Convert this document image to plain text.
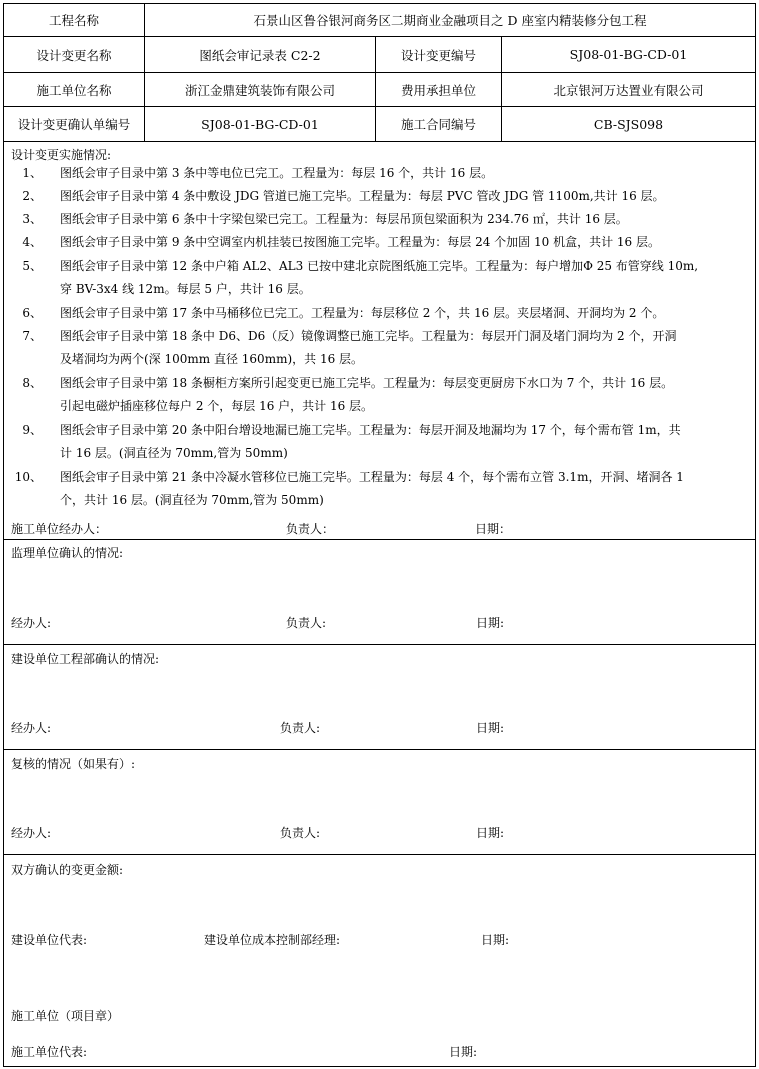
工程名称	石景山区鲁谷银河商务区二期商业金融项目之 D 座室内精装修分包工程
设计变更名称	图纸会审记录表 C2-2	设计变更编号	SJ08-01-BG-CD-01
施工单位名称	浙江金鼎建筑装饰有限公司	费用承担单位	北京银河万达置业有限公司
设计变更确认单编号	SJ08-01-BG-CD-01	施工合同编号	CB-SJS098
设计变更实施情况:
1、 图纸会审子目录中第 3 条中等电位已完工。工程量为：每层 16 个，共计 16 层。
2、 图纸会审子目录中第 4 条中敷设 JDG 管道已施工完毕。工程量为：每层 PVC 管改 JDG 管 1100m,共计 16 层。
3、 图纸会审子目录中第 6 条中十字梁包梁已完工。工程量为：每层吊顶包梁面积为 234.76 ㎡，共计 16 层。
4、 图纸会审子目录中第 9 条中空调室内机挂装已按图施工完毕。工程量为：每层 24 个加固 10 机盒，共计 16 层。
5、 图纸会审子目录中第 12 条中户箱 AL2、AL3 已按中建北京院图纸施工完毕。工程量为：每户增加Φ 25 布管穿线 10m,
穿 BV-3x4 线 12m。每层 5 户，共计 16 层。
6、 图纸会审子目录中第 17 条中马桶移位已完工。工程量为：每层移位 2 个，共 16 层。夹层堵洞、开洞均为 2 个。
7、 图纸会审子目录中第 18 条中 D6、D6（反）镜像调整已施工完毕。工程量为：每层开门洞及堵门洞均为 2 个，开洞
及堵洞均为两个(深 100mm 直径 160mm)，共 16 层。
8、 图纸会审子目录中第 18 条橱柜方案所引起变更已施工完毕。工程量为：每层变更厨房下水口为 7 个，共计 16 层。
引起电磁炉插座移位每户 2 个，每层 16 户，共计 16 层。
9、 图纸会审子目录中第 20 条中阳台增设地漏已施工完毕。工程量为：每层开洞及地漏均为 17 个，每个需布管 1m，共
计 16 层。(洞直径为 70mm,管为 50mm)
10、 图纸会审子目录中第 21 条中冷凝水管移位已施工完毕。工程量为：每层 4 个，每个需布立管 3.1m，开洞、堵洞各 1
个，共计 16 层。(洞直径为 70mm,管为 50mm)
施工单位经办人：	负责人：	日期：
监理单位确认的情况:
经办人:	负责人:	日期:
建设单位工程部确认的情况:
经办人:	负责人:	日期:
复核的情况（如果有）:
经办人:	负责人:	日期:
双方确认的变更金额:
建设单位代表:	建设单位成本控制部经理:	日期:
施工单位（项目章）
施工单位代表:	日期:
